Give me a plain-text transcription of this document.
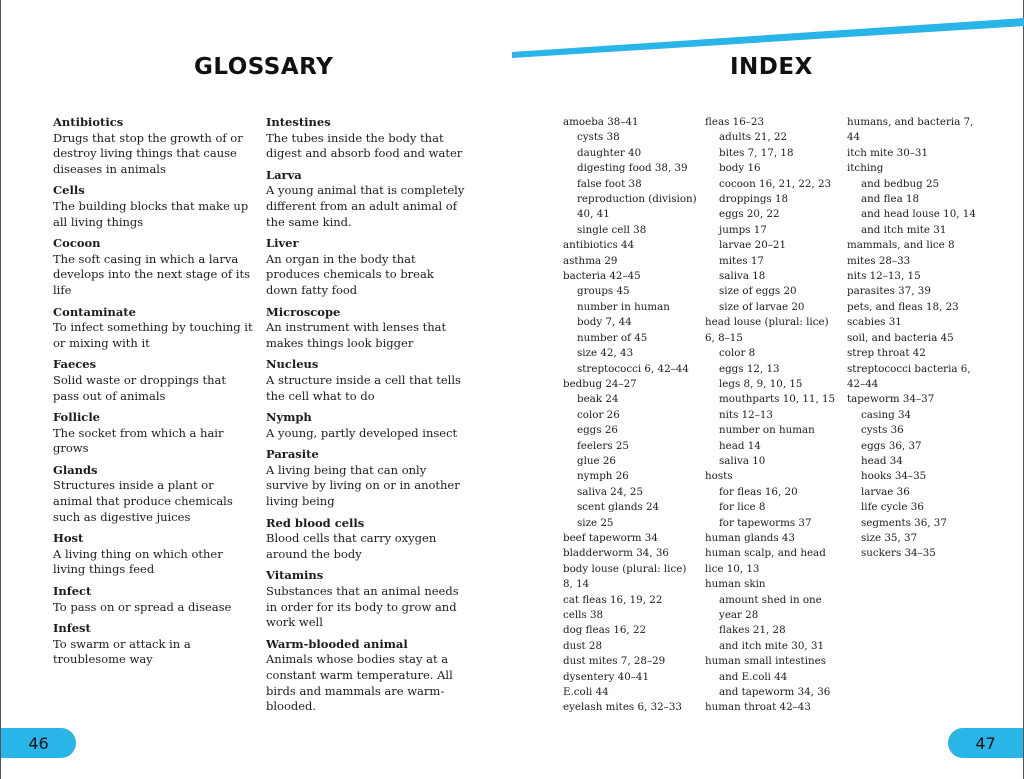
GLOSSARY
Antibiotics
Drugs that stop the growth of or destroy living things that cause diseases in animals
Cells
The building blocks that make up all living things
Cocoon
The soft casing in which a larva develops into the next stage of its life
Contaminate
To infect something by touching it or mixing with it
Faeces
Solid waste or droppings that pass out of animals
Follicle
The socket from which a hair grows
Glands
Structures inside a plant or animal that produce chemicals such as digestive juices
Host
A living thing on which other living things feed
Infect
To pass on or spread a disease
Infest
To swarm or attack in a troublesome way
Intestines
The tubes inside the body that digest and absorb food and water
Larva
A young animal that is completely different from an adult animal of the same kind.
Liver
An organ in the body that produces chemicals to break down fatty food
Microscope
An instrument with lenses that makes things look bigger
Nucleus
A structure inside a cell that tells the cell what to do
Nymph
A young, partly developed insect
Parasite
A living being that can only survive by living on or in another living being
Red blood cells
Blood cells that carry oxygen around the body
Vitamins
Substances that an animal needs in order for its body to grow and work well
Warm-blooded animal
Animals whose bodies stay at a constant warm temperature. All birds and mammals are warm-blooded.
46
INDEX
amoeba 38–41
cysts 38
daughter 40
digesting food 38, 39
false foot 38
reproduction (division) 40, 41
single cell 38
antibiotics 44
asthma 29
bacteria 42–45
groups 45
number in human body 7, 44
number of 45
size 42, 43
streptococci 6, 42–44
bedbug 24–27
beak 24
color 26
eggs 26
feelers 25
glue 26
nymph 26
saliva 24, 25
scent glands 24
size 25
beef tapeworm 34
bladderworm 34, 36
body louse (plural: lice) 8, 14
cat fleas 16, 19, 22
cells 38
dog fleas 16, 22
dust 28
dust mites 7, 28–29
dysentery 40–41
E.coli 44
eyelash mites 6, 32–33
fleas 16–23
adults 21, 22
bites 7, 17, 18
body 16
cocoon 16, 21, 22, 23
droppings 18
eggs 20, 22
jumps 17
larvae 20–21
mites 17
saliva 18
size of eggs 20
size of larvae 20
head louse (plural: lice) 6, 8–15
color 8
eggs 12, 13
legs 8, 9, 10, 15
mouthparts 10, 11, 15
nits 12–13
number on human head 14
saliva 10
hosts
for fleas 16, 20
for lice 8
for tapeworms 37
human glands 43
human scalp, and head lice 10, 13
human skin
amount shed in one year 28
flakes 21, 28
and itch mite 30, 31
human small intestines
and E.coli 44
and tapeworm 34, 36
human throat 42–43
humans, and bacteria 7, 44
itch mite 30–31
itching
and bedbug 25
and flea 18
and head louse 10, 14
and itch mite 31
mammals, and lice 8
mites 28–33
nits 12–13, 15
parasites 37, 39
pets, and fleas 18, 23
scabies 31
soil, and bacteria 45
strep throat 42
streptococci bacteria 6, 42–44
tapeworm 34–37
casing 34
cysts 36
eggs 36, 37
head 34
hooks 34–35
larvae 36
life cycle 36
segments 36, 37
size 35, 37
suckers 34–35
47
